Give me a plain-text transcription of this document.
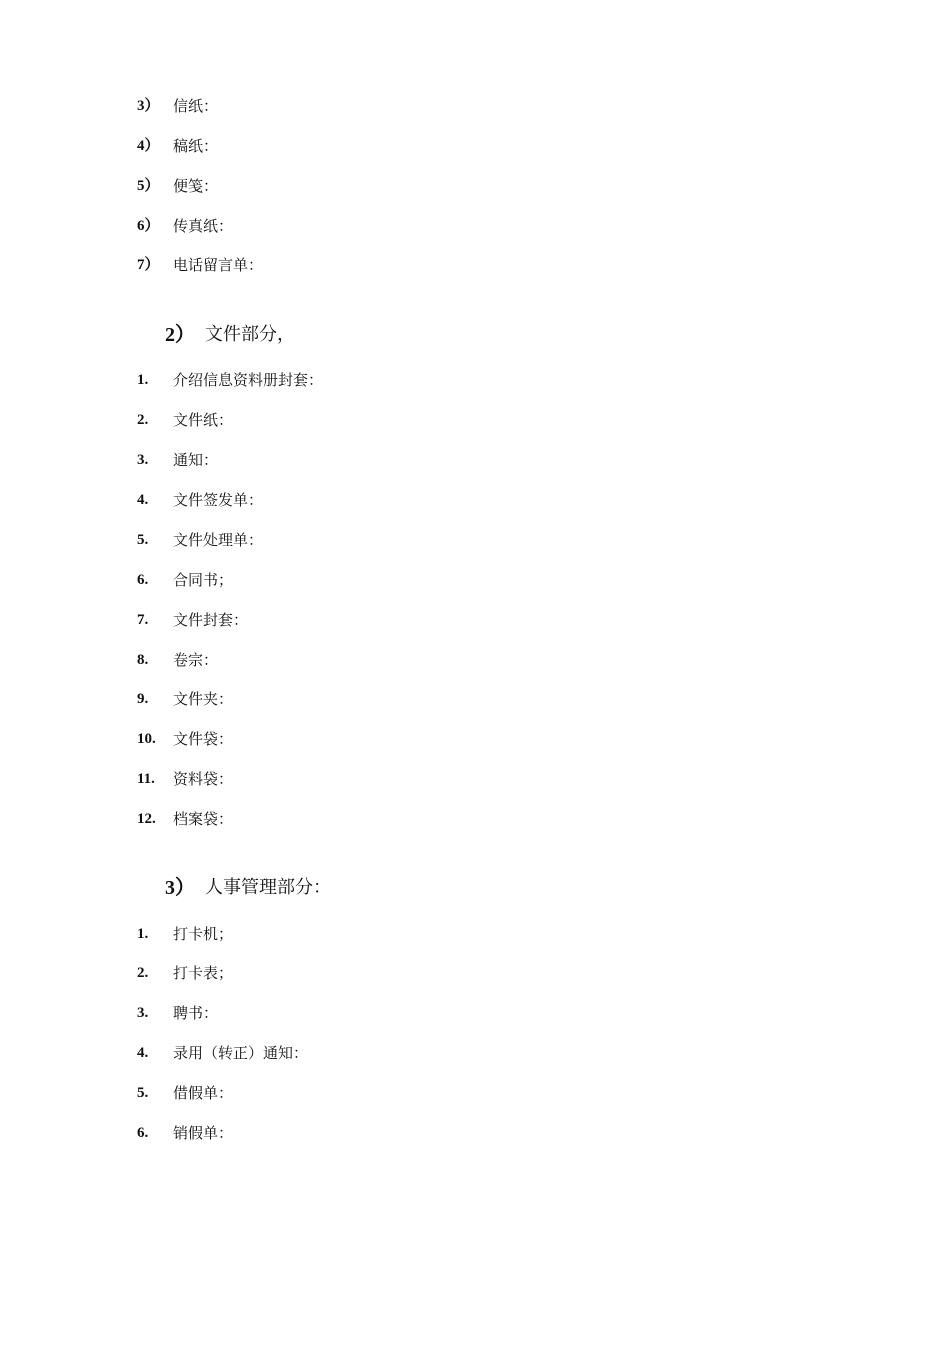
3） 信纸：
4） 稿纸：
5） 便笺：
6） 传真纸：
7） 电话留言单：
2） 文件部分，
1. 介绍信息资料册封套：
2. 文件纸：
3. 通知：
4. 文件签发单：
5. 文件处理单：
6. 合同书；
7. 文件封套：
8. 卷宗：
9. 文件夹：
10. 文件袋：
11. 资料袋：
12. 档案袋：
3） 人事管理部分：
1. 打卡机；
2. 打卡表；
3. 聘书：
4. 录用（转正）通知：
5. 借假单：
6. 销假单：
